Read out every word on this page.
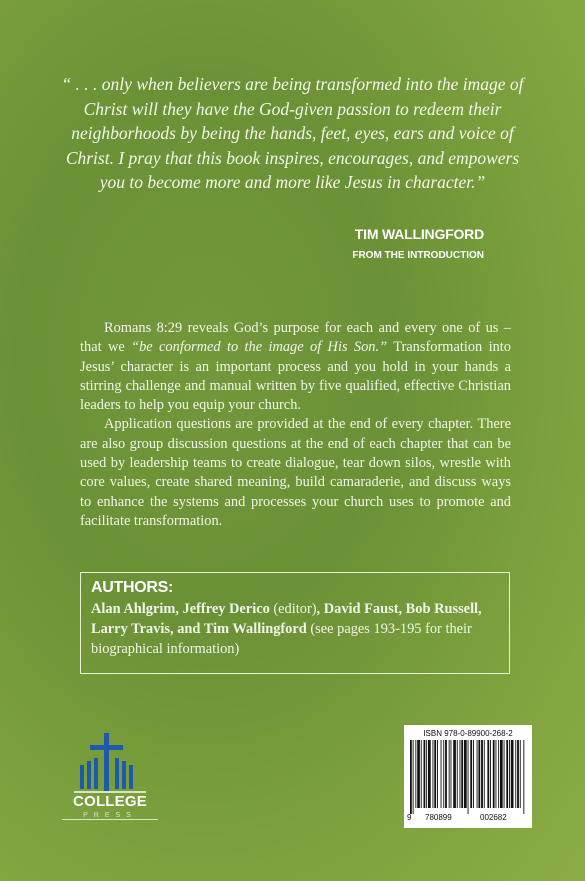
“ . . . only when believers are being transformed into the image of Christ will they have the God-given passion to redeem their neighborhoods by being the hands, feet, eyes, ears and voice of Christ. I pray that this book inspires, encourages, and empowers you to become more and more like Jesus in character.”
TIM WALLINGFORD
FROM THE INTRODUCTION

Romans 8:29 reveals God’s purpose for each and every one of us – that we “be conformed to the image of His Son.” Transformation into Jesus’ character is an important process and you hold in your hands a stirring challenge and manual written by five qualified, effective Christian leaders to help you equip your church.

Application questions are provided at the end of every chapter. There are also group discussion questions at the end of each chapter that can be used by leadership teams to create dialogue, tear down silos, wrestle with core values, create shared meaning, build camaraderie, and discuss ways to enhance the systems and processes your church uses to promote and facilitate transformation.

AUTHORS:
Alan Ahlgrim, Jeffrey Derico (editor), David Faust, Bob Russell, Larry Travis, and Tim Wallingford (see pages 193-195 for their biographical information)
COLLEGE
PRESS
ISBN 978-0-89900-268-2
9 780899	002682
